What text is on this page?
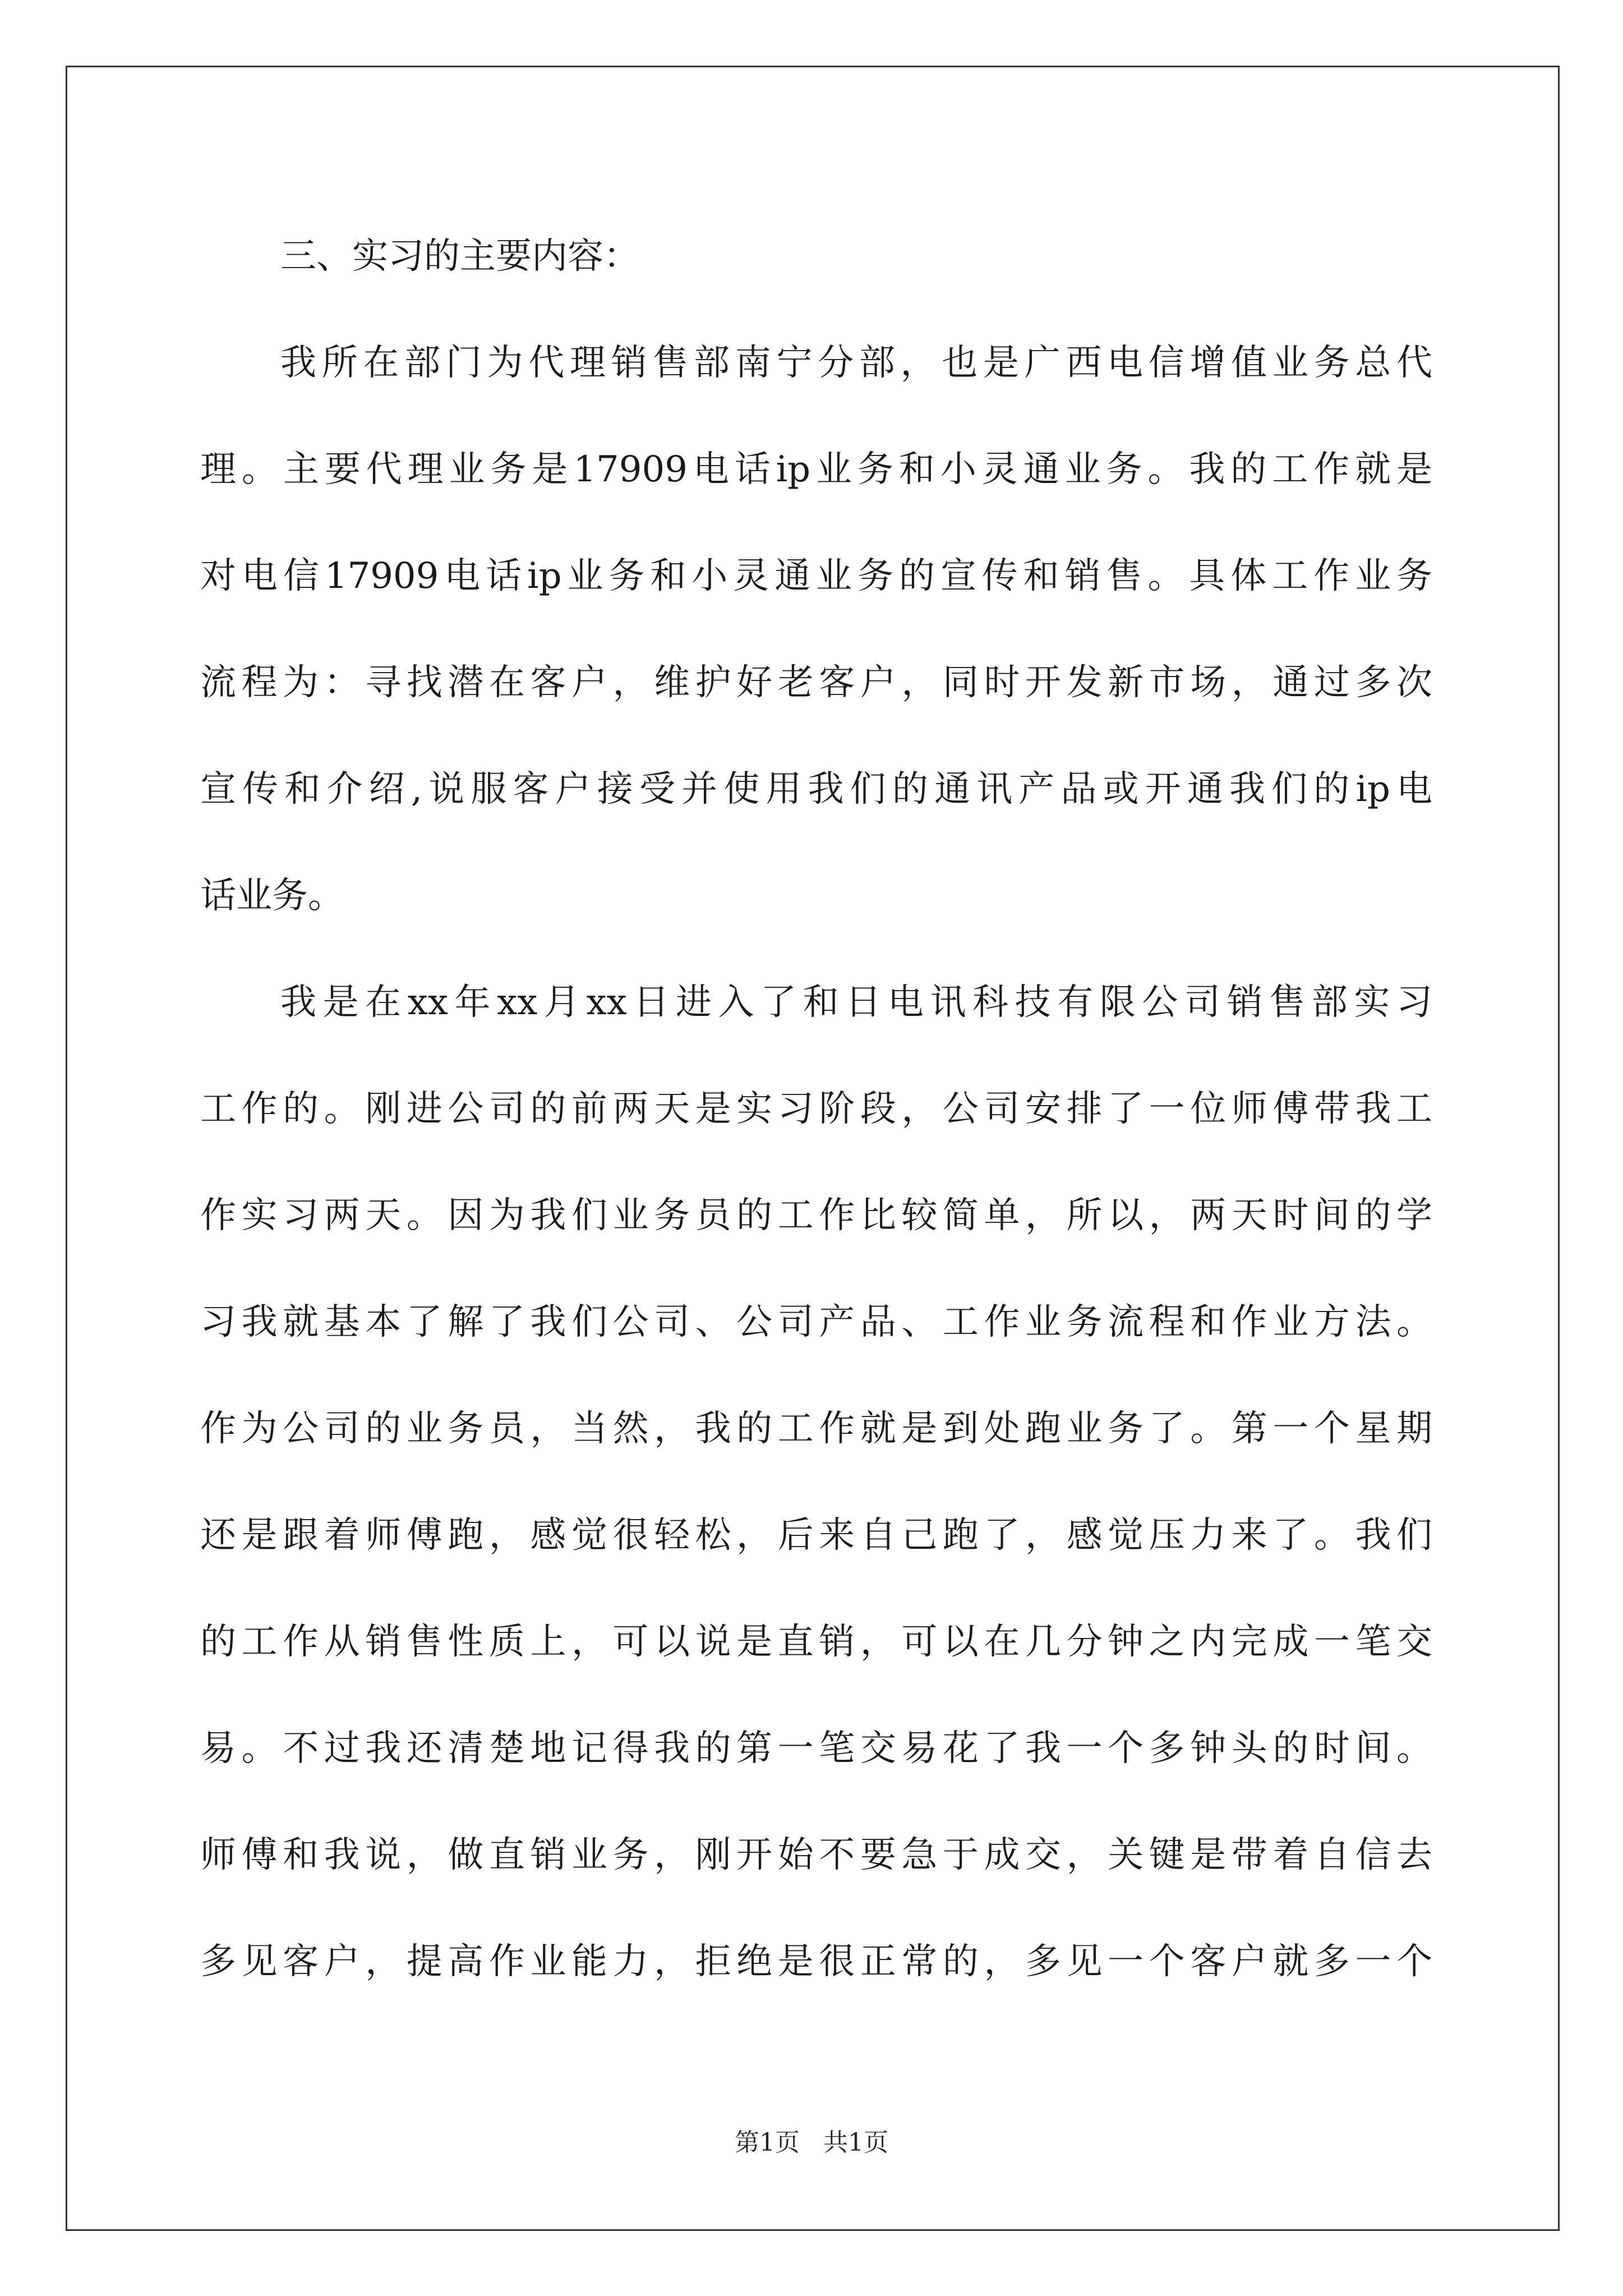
三、实习的主要内容：
我所在部门为代理销售部南宁分部，也是广西电信增值业务总代
理。主要代理业务是17909电话ip业务和小灵通业务。我的工作就是
对电信17909电话ip业务和小灵通业务的宣传和销售。具体工作业务
流程为：寻找潜在客户，维护好老客户，同时开发新市场，通过多次
宣传和介绍,说服客户接受并使用我们的通讯产品或开通我们的ip电
话业务。
我是在xx年xx月xx日进入了和日电讯科技有限公司销售部实习
工作的。刚进公司的前两天是实习阶段，公司安排了一位师傅带我工
作实习两天。因为我们业务员的工作比较简单，所以，两天时间的学
习我就基本了解了我们公司、公司产品、工作业务流程和作业方法。
作为公司的业务员，当然，我的工作就是到处跑业务了。第一个星期
还是跟着师傅跑，感觉很轻松，后来自己跑了，感觉压力来了。我们
的工作从销售性质上，可以说是直销，可以在几分钟之内完成一笔交
易。不过我还清楚地记得我的第一笔交易花了我一个多钟头的时间。
师傅和我说，做直销业务，刚开始不要急于成交，关键是带着自信去
多见客户，提高作业能力，拒绝是很正常的，多见一个客户就多一个
第1页 共1页
